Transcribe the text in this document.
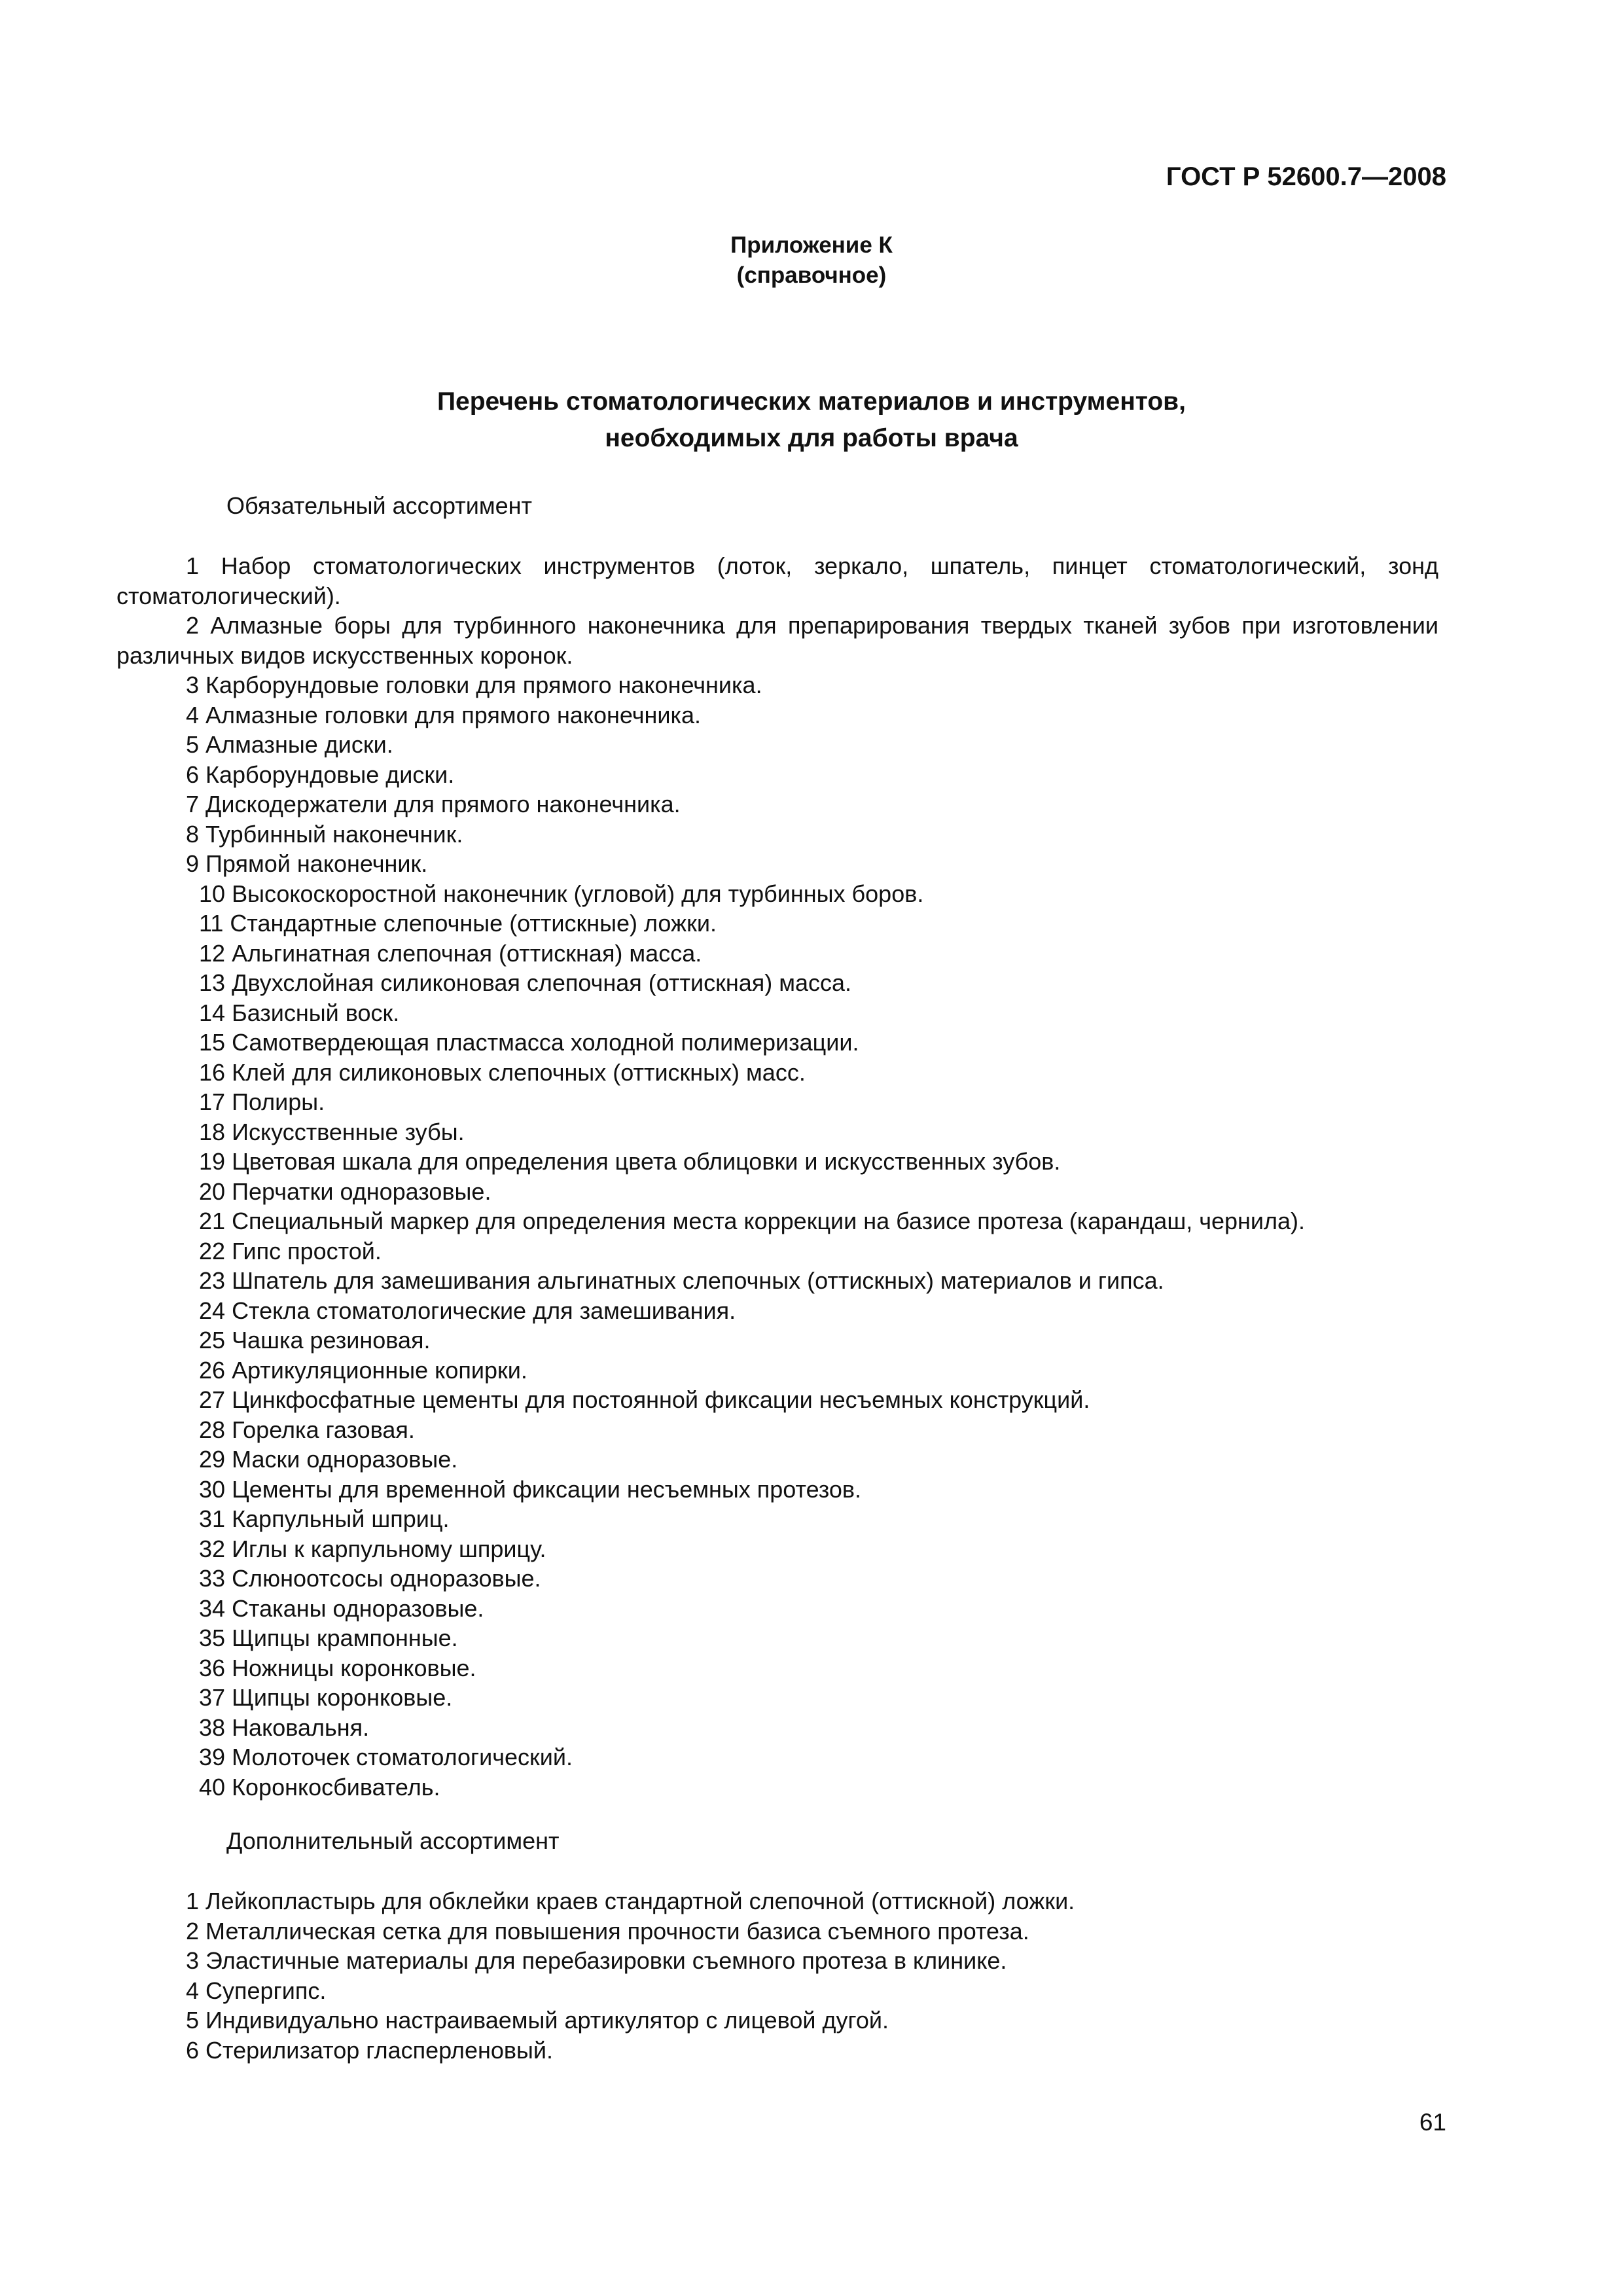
ГОСТ Р 52600.7—2008
Приложение К
(справочное)
Перечень стоматологических материалов и инструментов,
необходимых для работы врача
Обязательный ассортимент
1 Набор стоматологических инструментов (лоток, зеркало, шпатель, пинцет стоматологический, зонд стоматологический).
2 Алмазные боры для турбинного наконечника для препарирования твердых тканей зубов при изготовлении различных видов искусственных коронок.
3 Карборундовые головки для прямого наконечника.
4 Алмазные головки для прямого наконечника.
5 Алмазные диски.
6 Карборундовые диски.
7 Дискодержатели для прямого наконечника.
8 Турбинный наконечник.
9 Прямой наконечник.
10 Высокоскоростной наконечник (угловой) для турбинных боров.
11 Стандартные слепочные (оттискные) ложки.
12 Альгинатная слепочная (оттискная) масса.
13 Двухслойная силиконовая слепочная (оттискная) масса.
14 Базисный воск.
15 Самотвердеющая пластмасса холодной полимеризации.
16 Клей для силиконовых слепочных (оттискных) масс.
17 Полиры.
18 Искусственные зубы.
19 Цветовая шкала для определения цвета облицовки и искусственных зубов.
20 Перчатки одноразовые.
21 Специальный маркер для определения места коррекции на базисе протеза (карандаш, чернила).
22 Гипс простой.
23 Шпатель для замешивания альгинатных слепочных (оттискных) материалов и гипса.
24 Стекла стоматологические для замешивания.
25 Чашка резиновая.
26 Артикуляционные копирки.
27 Цинкфосфатные цементы для постоянной фиксации несъемных конструкций.
28 Горелка газовая.
29 Маски одноразовые.
30 Цементы для временной фиксации несъемных протезов.
31 Карпульный шприц.
32 Иглы к карпульному шприцу.
33 Слюноотсосы одноразовые.
34 Стаканы одноразовые.
35 Щипцы крампонные.
36 Ножницы коронковые.
37 Щипцы коронковые.
38 Наковальня.
39 Молоточек стоматологический.
40 Коронкосбиватель.
Дополнительный ассортимент
1 Лейкопластырь для обклейки краев стандартной слепочной (оттискной) ложки.
2 Металлическая сетка для повышения прочности базиса съемного протеза.
3 Эластичные материалы для перебазировки съемного протеза в клинике.
4 Супергипс.
5 Индивидуально настраиваемый артикулятор с лицевой дугой.
6 Стерилизатор гласперленовый.
61
